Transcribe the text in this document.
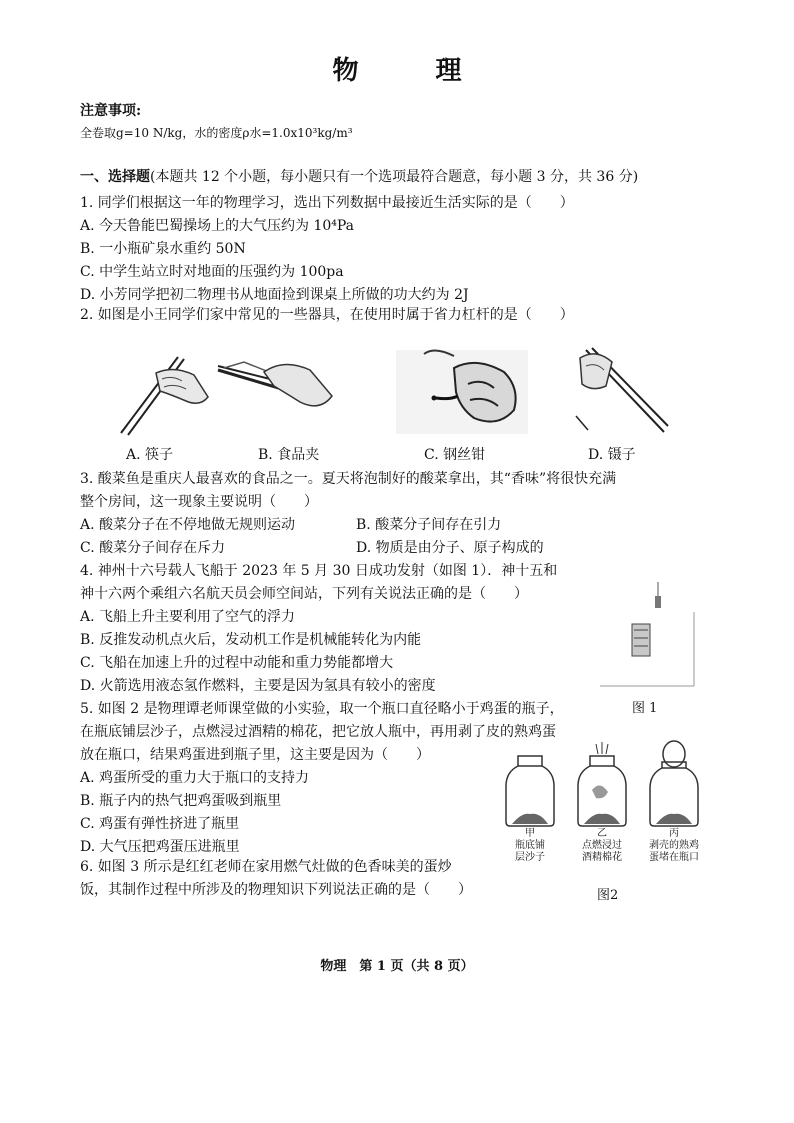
物 理
注意事项:
全卷取g=10 N/kg，水的密度ρ水=1.0x10³kg/m³
一、选择题(本题共 12 个小题，每小题只有一个选项最符合题意，每小题 3 分，共 36 分)
1. 同学们根据这一年的物理学习，选出下列数据中最接近生活实际的是（　　）
A. 今天鲁能巴蜀操场上的大气压约为 10⁴Pa
B. 一小瓶矿泉水重约 50N
C. 中学生站立时对地面的压强约为 100pa
D. 小芳同学把初二物理书从地面捡到课桌上所做的功大约为 2J
2. 如图是小王同学们家中常见的一些器具，在使用时属于省力杠杆的是（　　）
A. 筷子	B. 食品夹	C. 钢丝钳	D. 镊子
3. 酸菜鱼是重庆人最喜欢的食品之一。夏天将泡制好的酸菜拿出，其“香味”将很快充满
整个房间，这一现象主要说明（　　）
A. 酸菜分子在不停地做无规则运动	B. 酸菜分子间存在引力
C. 酸菜分子间存在斥力	D. 物质是由分子、原子构成的
4. 神州十六号载人飞船于 2023 年 5 月 30 日成功发射（如图 1）．神十五和
神十六两个乘组六名航天员会师空间站，下列有关说法正确的是（　　）
A. 飞船上升主要利用了空气的浮力
B. 反推发动机点火后，发动机工作是机械能转化为内能
C. 飞船在加速上升的过程中动能和重力势能都增大
D. 火箭选用液态氢作燃料，主要是因为氢具有较小的密度
图 1
5. 如图 2 是物理谭老师课堂做的小实验，取一个瓶口直径略小于鸡蛋的瓶子，
在瓶底铺层沙子，点燃浸过酒精的棉花，把它放人瓶中，再用剥了皮的熟鸡蛋
放在瓶口，结果鸡蛋进到瓶子里，这主要是因为（　　）
A. 鸡蛋所受的重力大于瓶口的支持力
B. 瓶子内的热气把鸡蛋吸到瓶里
C. 鸡蛋有弹性挤进了瓶里
D. 大气压把鸡蛋压进瓶里
甲
瓶底铺
层沙子
乙
点燃浸过
酒精棉花
丙
剥壳的熟鸡
蛋堵在瓶口
图2
6. 如图 3 所示是红红老师在家用燃气灶做的色香味美的蛋炒
饭，其制作过程中所涉及的物理知识下列说法正确的是（　　）
物理　第 1 页（共 8 页）
